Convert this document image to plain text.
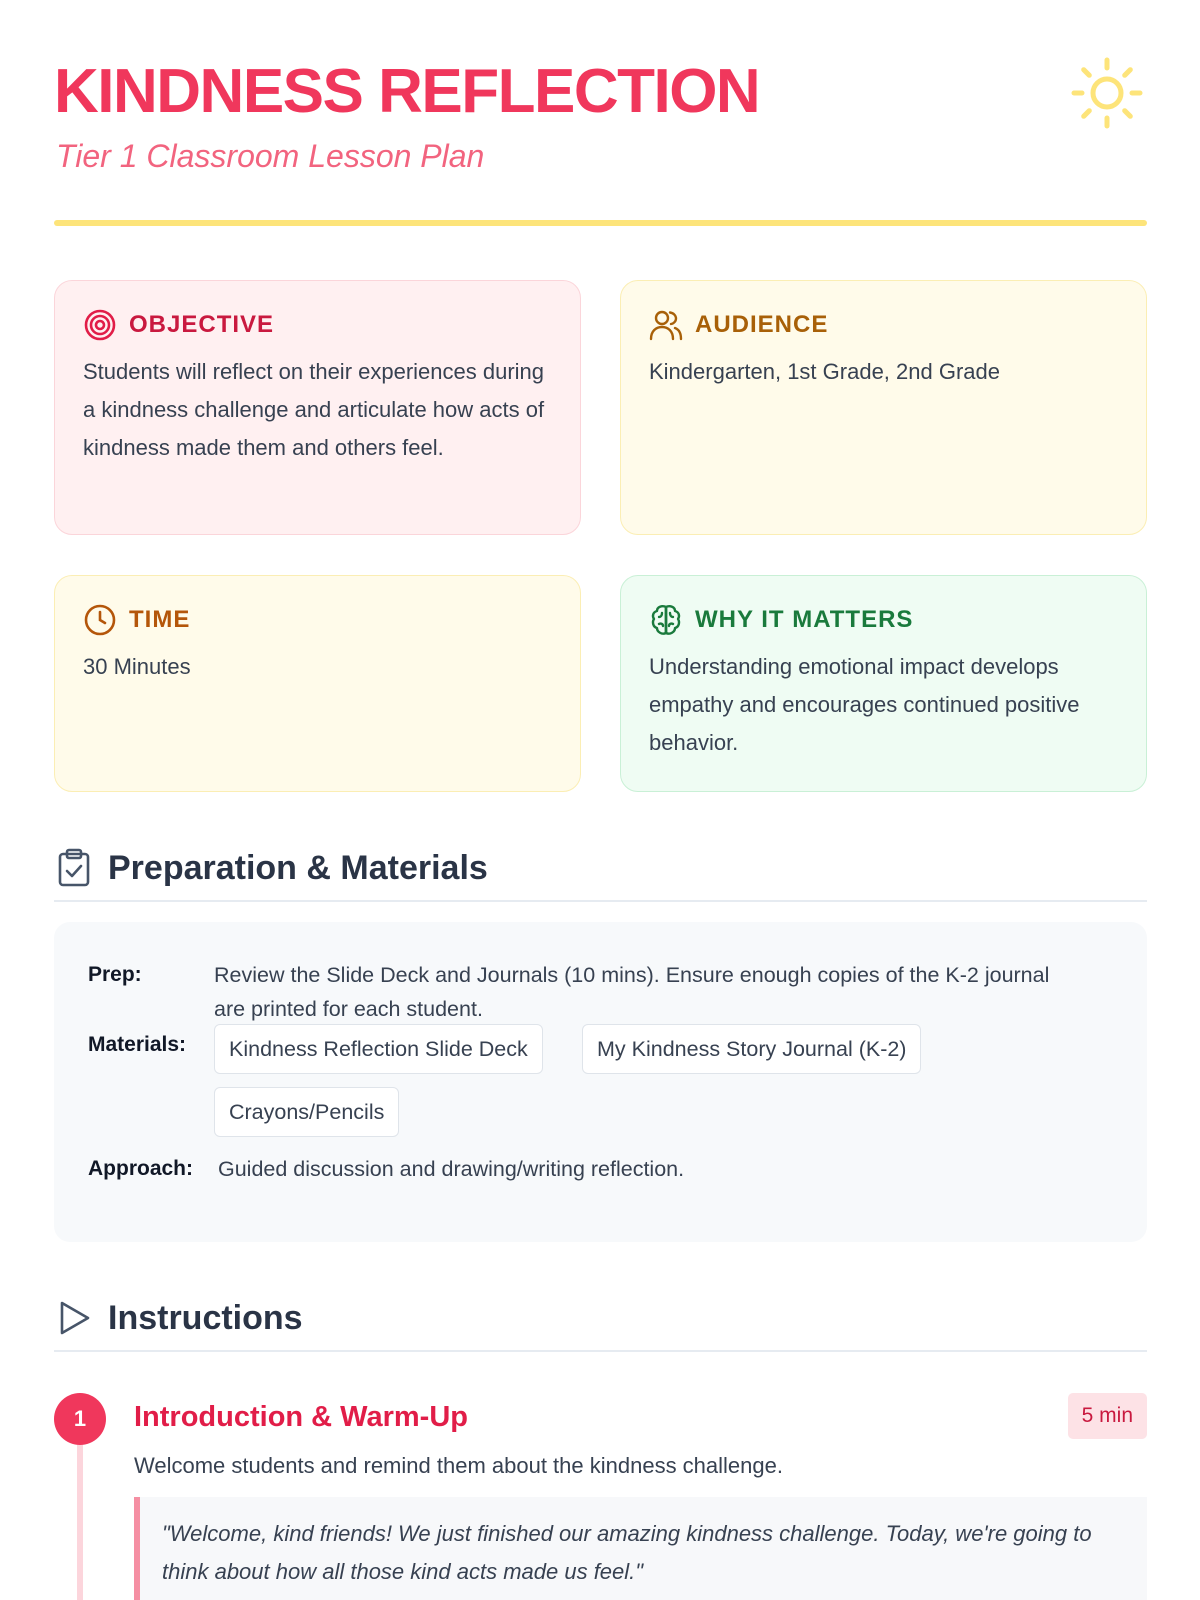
KINDNESS REFLECTION
Tier 1 Classroom Lesson Plan
OBJECTIVE
Students will reflect on their experiences during a kindness challenge and articulate how acts of kindness made them and others feel.
AUDIENCE
Kindergarten, 1st Grade, 2nd Grade
TIME
30 Minutes
WHY IT MATTERS
Understanding emotional impact develops empathy and encourages continued positive behavior.
Preparation & Materials
Prep:	Review the Slide Deck and Journals (10 mins). Ensure enough copies of the K-2 journal are printed for each student.
Materials:	Kindness Reflection Slide Deck	My Kindness Story Journal (K-2)
Crayons/Pencils
Approach: Guided discussion and drawing/writing reflection.
Instructions
1	Introduction & Warm-Up	5 min
Welcome students and remind them about the kindness challenge.
"Welcome, kind friends! We just finished our amazing kindness challenge. Today, we're going to think about how all those kind acts made us feel."
